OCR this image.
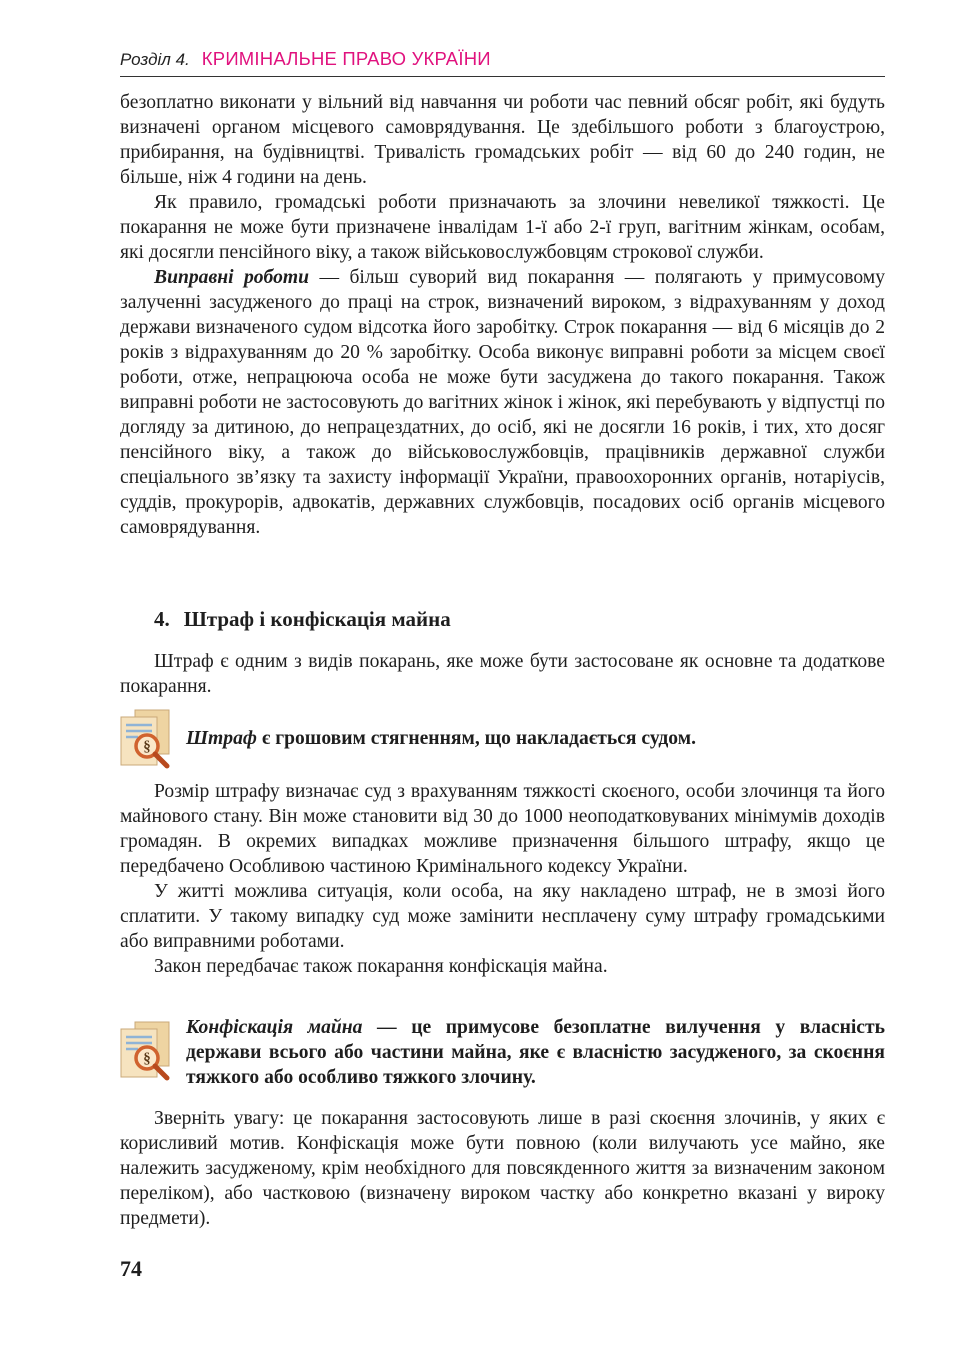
Розділ 4. КРИМІНАЛЬНЕ ПРАВО УКРАЇНИ

безоплатно виконати у вільний від навчання чи роботи час певний обсяг робіт, які будуть визначені органом місцевого самоврядування. Це здебільшого роботи з благоустрою, прибирання, на будівництві. Тривалість громадських робіт — від 60 до 240 годин, не більше, ніж 4 години на день.

Як правило, громадські роботи призначають за злочини невеликої тяжкості. Це покарання не може бути призначене інвалідам 1-ї або 2-ї груп, вагітним жінкам, особам, які досягли пенсійного віку, а також військовослужбовцям строкової служби.

Виправні роботи — більш суворий вид покарання — полягають у примусовому залученні засудженого до праці на строк, визначений вироком, з відрахуванням у доход держави визначеного судом відсотка його заробітку. Строк покарання — від 6 місяців до 2 років з відрахуванням до 20 % заробітку. Особа виконує виправні роботи за місцем своєї роботи, отже, непрацююча особа не може бути засуджена до такого покарання. Також виправні роботи не застосовують до вагітних жінок і жінок, які перебувають у відпустці по догляду за дитиною, до непрацездатних, до осіб, які не досягли 16 років, і тих, хто досяг пенсійного віку, а також до військовослужбовців, працівників державної служби спеціального зв’язку та захисту інформації України, правоохоронних органів, нотаріусів, суддів, прокурорів, адвокатів, державних службовців, посадових осіб органів місцевого самоврядування.

4. Штраф і конфіскація майна

Штраф є одним з видів покарань, яке може бути застосоване як основне та додаткове покарання.

§ Штраф є грошовим стягненням, що накладається судом.

Розмір штрафу визначає суд з врахуванням тяжкості скоєного, особи злочинця та його майнового стану. Він може становити від 30 до 1000 неоподатковуваних мінімумів доходів громадян. В окремих випадках можливе призначення більшого штрафу, якщо це передбачено Особливою частиною Кримінального кодексу України.

У житті можлива ситуація, коли особа, на яку накладено штраф, не в змозі його сплатити. У такому випадку суд може замінити несплачену суму штрафу громадськими або виправними роботами.

Закон передбачає також покарання конфіскація майна.

§
Конфіскація майна — це примусове безоплатне вилучення у власність держави всього або частини майна, яке є власністю засудженого, за скоєння тяжкого або особливо тяжкого злочину.

Зверніть увагу: це покарання застосовують лише в разі скоєння злочинів, у яких є корисливий мотив. Конфіскація може бути повною (коли вилучають усе майно, яке належить засудженому, крім необхідного для повсякденного життя за визначеним законом переліком), або частковою (визначену вироком частку або конкретно вказані у вироку предмети).

74
